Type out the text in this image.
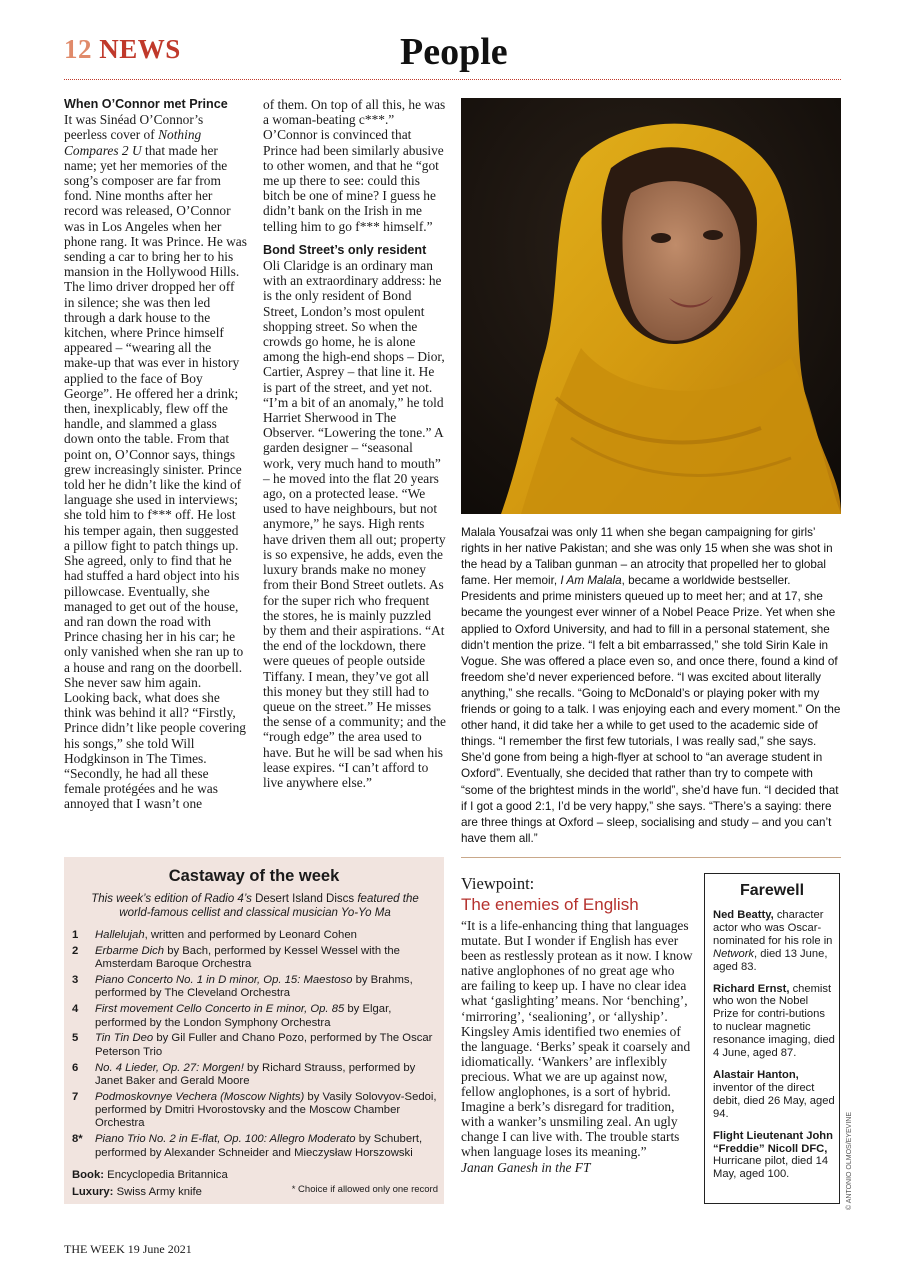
12 NEWS	People

When O’Connor met Prince

It was Sinéad O’Connor’s peerless cover of Nothing Compares 2 U that made her name; yet her memories of the song’s composer are far from fond. Nine months after her record was released, O’Connor was in Los Angeles when her phone rang. It was Prince. He was sending a car to bring her to his mansion in the Hollywood Hills. The limo driver dropped her off in silence; she was then led through a dark house to the kitchen, where Prince himself appeared – “wearing all the make-up that was ever in history applied to the face of Boy George”. He offered her a drink; then, inexplicably, flew off the handle, and slammed a glass down onto the table. From that point on, O’Connor says, things grew increasingly sinister. Prince told her he didn’t like the kind of language she used in interviews; she told him to f*** off. He lost his temper again, then suggested a pillow fight to patch things up. She agreed, only to find that he had stuffed a hard object into his pillowcase. Eventually, she managed to get out of the house, and ran down the road with Prince chasing her in his car; he only vanished when she ran up to a house and rang on the doorbell. She never saw him again. Looking back, what does she think was behind it all? “Firstly, Prince didn’t like people covering his songs,” she told Will Hodgkinson in The Times. “Secondly, he had all these female protégées and he was annoyed that I wasn’t one

of them. On top of all this, he was a woman-beating c***.” O’Connor is convinced that Prince had been similarly abusive to other women, and that he “got me up there to see: could this bitch be one of mine? I guess he didn’t bank on the Irish in me telling him to go f*** himself.”

Bond Street’s only resident

Oli Claridge is an ordinary man with an extraordinary address: he is the only resident of Bond Street, London’s most opulent shopping street. So when the crowds go home, he is alone among the high-end shops – Dior, Cartier, Asprey – that line it. He is part of the street, and yet not. “I’m a bit of an anomaly,” he told Harriet Sherwood in The Observer. “Lowering the tone.” A garden designer – “seasonal work, very much hand to mouth” – he moved into the flat 20 years ago, on a protected lease. “We used to have neighbours, but not anymore,” he says. High rents have driven them all out; property is so expensive, he adds, even the luxury brands make no money from their Bond Street outlets. As for the super rich who frequent the stores, he is mainly puzzled by them and their aspirations. “At the end of the lockdown, there were queues of people outside Tiffany. I mean, they’ve got all this money but they still had to queue on the street.” He misses the sense of a community; and the “rough edge” the area used to have. But he will be sad when his lease expires. “I can’t afford to live anywhere else.”

Malala Yousafzai was only 11 when she began campaigning for girls’ rights in her native Pakistan; and she was only 15 when she was shot in the head by a Taliban gunman – an atrocity that propelled her to global fame. Her memoir, I Am Malala, became a worldwide bestseller. Presidents and prime ministers queued up to meet her; and at 17, she became the youngest ever winner of a Nobel Peace Prize. Yet when she applied to Oxford University, and had to fill in a personal statement, she didn’t mention the prize. “I felt a bit embarrassed,” she told Sirin Kale in Vogue. She was offered a place even so, and once there, found a kind of freedom she’d never experienced before. “I was excited about literally anything,” she recalls. “Going to McDonald’s or playing poker with my friends or going to a talk. I was enjoying each and every moment.” On the other hand, it did take her a while to get used to the academic side of things. “I remember the first few tutorials, I was really sad,” she says. She’d gone from being a high-flyer at school to “an average student in Oxford”. Eventually, she decided that rather than try to compete with “some of the brightest minds in the world”, she’d have fun. “I decided that if I got a good 2:1, I’d be very happy,” she says. “There’s a saying: there are three things at Oxford – sleep, socialising and study – and you can’t have them all.”
Castaway of the week
This week’s edition of Radio 4’s Desert Island Discs featured the world-famous cellist and classical musician Yo-Yo Ma
1 Hallelujah, written and performed by Leonard Cohen
2 Erbarme Dich by Bach, performed by Kessel Wessel with the Amsterdam Baroque Orchestra
3 Piano Concerto No. 1 in D minor, Op. 15: Maestoso by Brahms, performed by The Cleveland Orchestra
4 First movement Cello Concerto in E minor, Op. 85 by Elgar, performed by the London Symphony Orchestra
5 Tin Tin Deo by Gil Fuller and Chano Pozo, performed by The Oscar Peterson Trio
6 No. 4 Lieder, Op. 27: Morgen! by Richard Strauss, performed by Janet Baker and Gerald Moore
7 Podmoskovnye Vechera (Moscow Nights) by Vasily Solovyov-Sedoi, performed by Dmitri Hvorostovsky and the Moscow Chamber Orchestra
8* Piano Trio No. 2 in E-flat, Op. 100: Allegro Moderato by Schubert, performed by Alexander Schneider and Mieczysław Horszowski
Book: Encyclopedia Britannica
Luxury: Swiss Army knife	* Choice if allowed only one record
Viewpoint:
The enemies of English
“It is a life-enhancing thing that languages mutate. But I wonder if English has ever been as restlessly protean as it now. I know native anglophones of no great age who are failing to keep up. I have no clear idea what ‘gaslighting’ means. Nor ‘benching’, ‘mirroring’, ‘sealioning’, or ‘allyship’. Kingsley Amis identified two enemies of the language. ‘Berks’ speak it coarsely and idiomatically. ‘Wankers’ are inflexibly precious. What we are up against now, fellow anglophones, is a sort of hybrid. Imagine a berk’s disregard for tradition, with a wanker’s unsmiling zeal. An ugly change I can live with. The trouble starts when language loses its meaning.”
Janan Ganesh in the FT
Farewell
Ned Beatty, character actor who was Oscar-nominated for his role in Network, died 13 June, aged 83.
Richard Ernst, chemist who won the Nobel Prize for contri-butions to nuclear magnetic resonance imaging, died 4 June, aged 87.
Alastair Hanton, inventor of the direct debit, died 26 May, aged 94.
Flight Lieutenant John “Freddie” Nicoll DFC, Hurricane pilot, died 14 May, aged 100.	© ANTONIO OLMOS/EYEVINE
THE WEEK 19 June 2021
